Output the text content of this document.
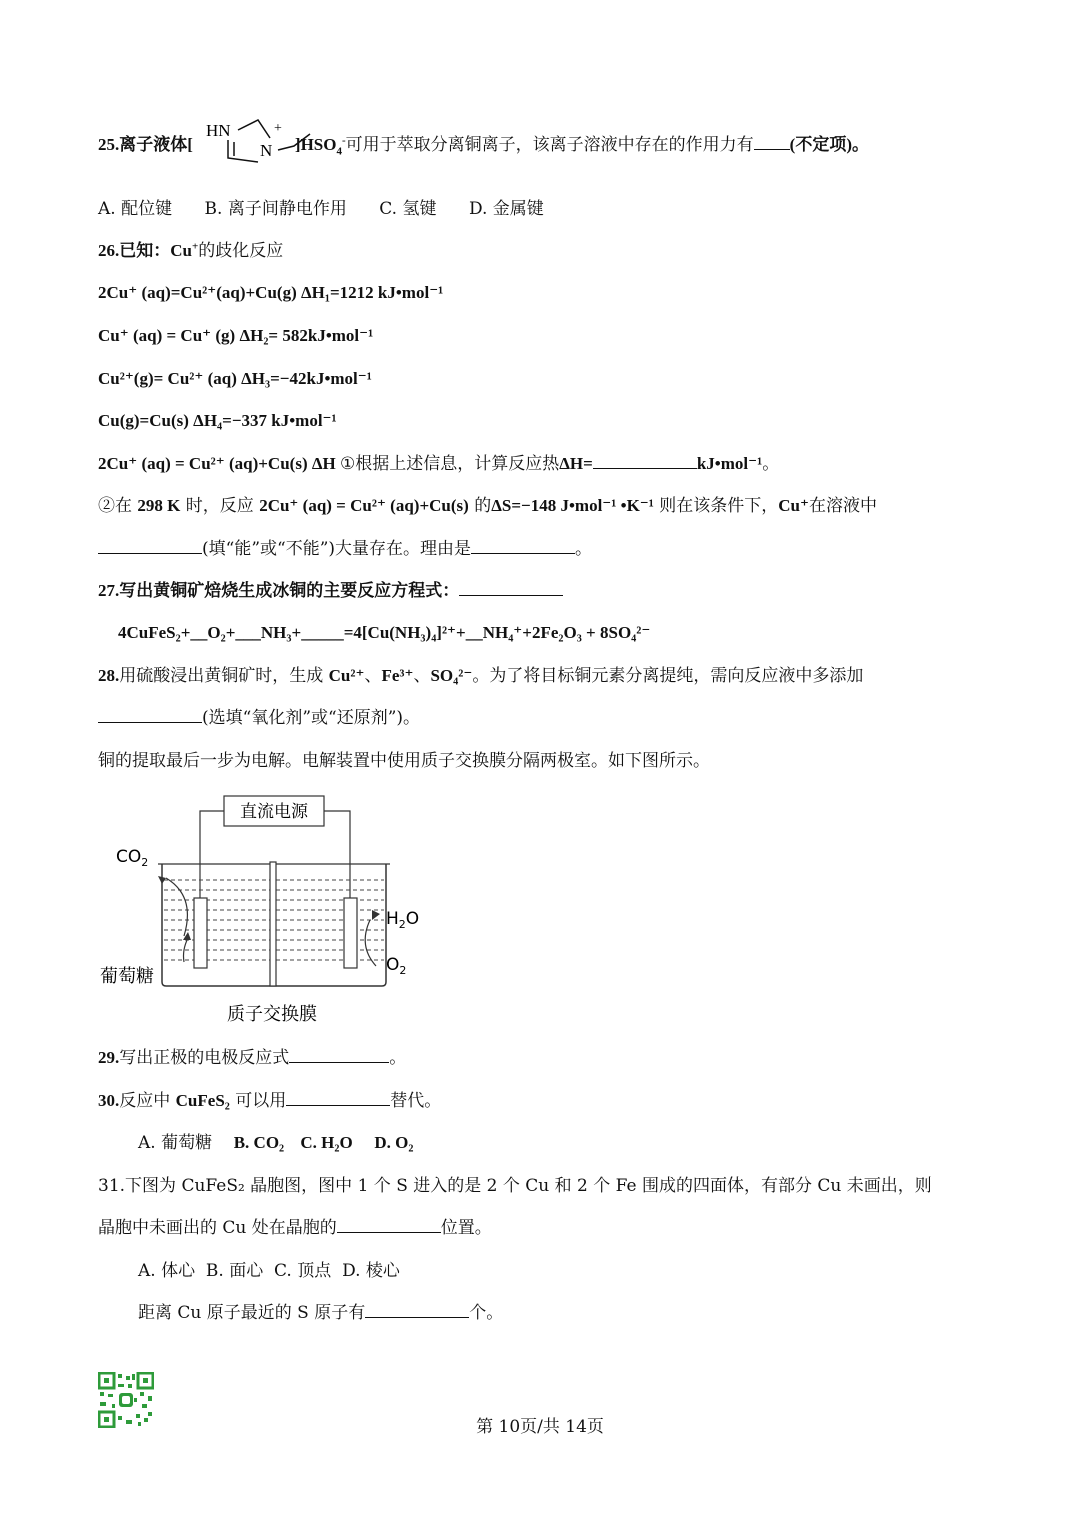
25.离子液体[	]$HSO_4^-$可用于萃取分离铜离子，该离子溶液中存在的作用力有 (不定项)。
HN
N
+
A. 配位键 B. 离子间静电作用 C. 氢键 D. 金属键
26.已知：Cu+的歧化反应
2Cu⁺ (aq)=Cu²⁺(aq)+Cu(g) ΔH₁=1212 kJ•mol⁻¹
Cu⁺ (aq) = Cu⁺ (g) ΔH₂= 582kJ•mol⁻¹
Cu²⁺(g)= Cu²⁺ (aq) ΔH₃=−42kJ•mol⁻¹
Cu(g)=Cu(s) ΔH₄=−337 kJ•mol⁻¹
2Cu⁺ (aq) = Cu²⁺ (aq)+Cu(s) ΔH ①根据上述信息，计算反应热ΔH=	kJ•mol⁻¹。
②在 298 K 时，反应 2Cu⁺ (aq) = Cu²⁺ (aq)+Cu(s) 的ΔS=−148 J•mol⁻¹ •K⁻¹ 则在该条件下，Cu⁺在溶液中
(填“能”或“不能”)大量存在。理由是	。
27.写出黄铜矿焙烧生成冰铜的主要反应方程式：
4CuFeS₂+__O₂+___NH₃+_____=4[Cu(NH₃)₄]²⁺+__NH₄⁺+2Fe₂O₃ + 8SO₄²⁻
28.用硫酸浸出黄铜矿时，生成 Cu²⁺、Fe³⁺、SO₄²⁻。为了将目标铜元素分离提纯，需向反应液中多添加
(选填“氧化剂”或“还原剂”)。
铜的提取最后一步为电解。电解装置中使用质子交换膜分隔两极室。如下图所示。
直流电源
$CO_2$
$H_2O$
$O_2$
葡萄糖
质子交换膜
29.写出正极的电极反应式	。
30.反应中 CuFeS₂ 可以用	替代。
A. 葡萄糖 B. CO₂ C. H₂O D. O₂
31.下图为 CuFeS₂ 晶胞图，图中 1 个 S 进入的是 2 个 Cu 和 2 个 Fe 围成的四面体，有部分 Cu 未画出，则
晶胞中未画出的 Cu 处在晶胞的	位置。
A. 体心 B. 面心 C. 顶点 D. 棱心
距离 Cu 原子最近的 S 原子有	个。
第 10页/共 14页
